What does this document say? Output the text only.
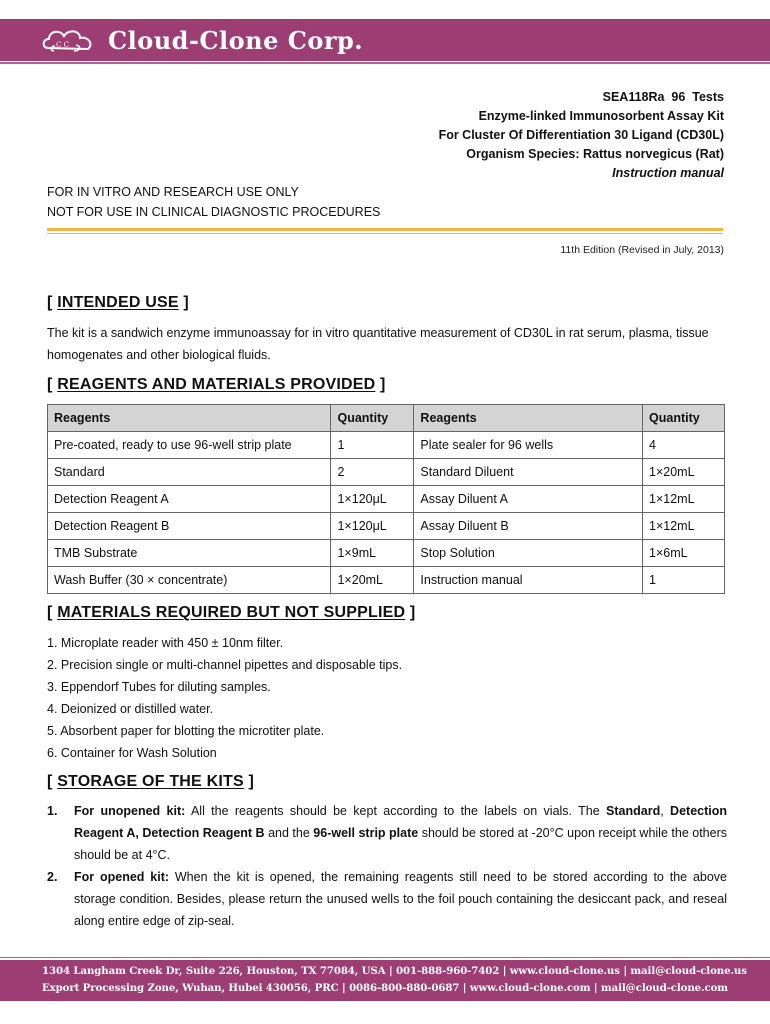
C C Cloud-Clone Corp.
SEA118Ra  96  Tests
Enzyme-linked Immunosorbent Assay Kit
For Cluster Of Differentiation 30 Ligand (CD30L)
Organism Species: Rattus norvegicus (Rat)
Instruction manual
FOR IN VITRO AND RESEARCH USE ONLY
NOT FOR USE IN CLINICAL DIAGNOSTIC PROCEDURES
11th Edition (Revised in July, 2013)
[ INTENDED USE ]
The kit is a sandwich enzyme immunoassay for in vitro quantitative measurement of CD30L in rat serum, plasma, tissue homogenates and other biological fluids.
[ REAGENTS AND MATERIALS PROVIDED ]
Reagents	Quantity	Reagents	Quantity
Pre-coated, ready to use 96-well strip plate	1	Plate sealer for 96 wells	4
Standard	2	Standard Diluent	1×20mL
Detection Reagent A	1×120μL	Assay Diluent A	1×12mL
Detection Reagent B	1×120μL	Assay Diluent B	1×12mL
TMB Substrate	1×9mL	Stop Solution	1×6mL
Wash Buffer (30 × concentrate)	1×20mL	Instruction manual	1
[ MATERIALS REQUIRED BUT NOT SUPPLIED ]
1. Microplate reader with 450 ± 10nm filter.
2. Precision single or multi-channel pipettes and disposable tips.
3. Eppendorf Tubes for diluting samples.
4. Deionized or distilled water.
5. Absorbent paper for blotting the microtiter plate.
6. Container for Wash Solution
[ STORAGE OF THE KITS ]
1.	For unopened kit: All the reagents should be kept according to the labels on vials. The Standard, Detection Reagent A, Detection Reagent B and the 96-well strip plate should be stored at -20°C upon receipt while the others should be at 4°C.
2.	For opened kit: When the kit is opened, the remaining reagents still need to be stored according to the above storage condition. Besides, please return the unused wells to the foil pouch containing the desiccant pack, and reseal along entire edge of zip-seal.
1304 Langham Creek Dr, Suite 226, Houston, TX 77084, USA | 001-888-960-7402 | www.cloud-clone.us | mail@cloud-clone.us
Export Processing Zone, Wuhan, Hubei 430056, PRC | 0086-800-880-0687 | www.cloud-clone.com | mail@cloud-clone.com
